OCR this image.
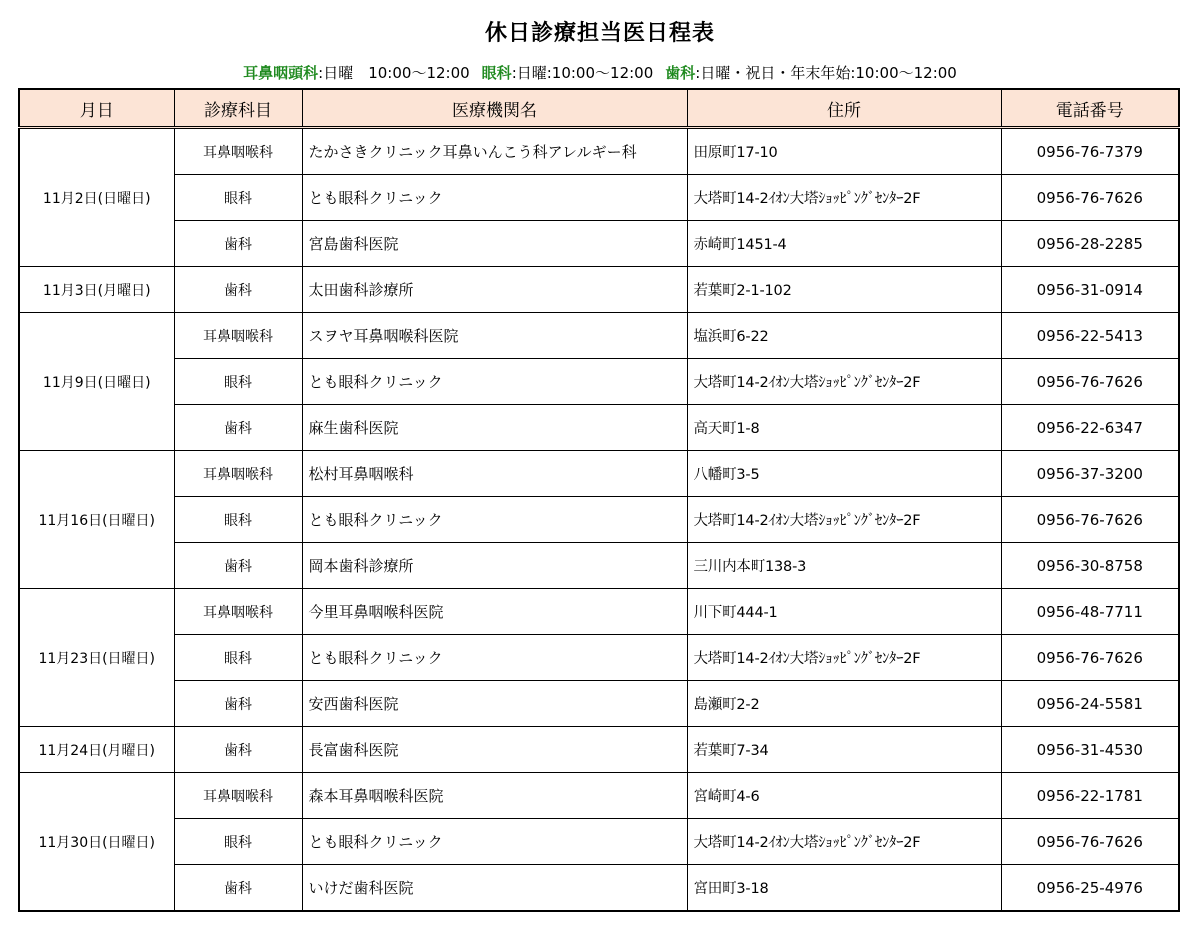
休日診療担当医日程表
耳鼻咽頭科:日曜　10:00～12:00 眼科:日曜:10:00～12:00 歯科:日曜・祝日・年末年始:10:00～12:00
月日	診療科目	医療機関名	住所	電話番号
11月2日(日曜日)	耳鼻咽喉科	たかさきクリニック耳鼻いんこう科アレルギー科	田原町17-10	0956-76-7379
	眼科	とも眼科クリニック	大塔町14-2ｲｵﾝ大塔ｼｮｯﾋﾟﾝｸﾞｾﾝﾀｰ2F	0956-76-7626
	歯科	宮島歯科医院	赤崎町1451-4	0956-28-2285
11月3日(月曜日)	歯科	太田歯科診療所	若葉町2-1-102	0956-31-0914
11月9日(日曜日)	耳鼻咽喉科	スヲヤ耳鼻咽喉科医院	塩浜町6-22	0956-22-5413
	眼科	とも眼科クリニック	大塔町14-2ｲｵﾝ大塔ｼｮｯﾋﾟﾝｸﾞｾﾝﾀｰ2F	0956-76-7626
	歯科	麻生歯科医院	高天町1-8	0956-22-6347
11月16日(日曜日)	耳鼻咽喉科	松村耳鼻咽喉科	八幡町3-5	0956-37-3200
	眼科	とも眼科クリニック	大塔町14-2ｲｵﾝ大塔ｼｮｯﾋﾟﾝｸﾞｾﾝﾀｰ2F	0956-76-7626
	歯科	岡本歯科診療所	三川内本町138-3	0956-30-8758
11月23日(日曜日)	耳鼻咽喉科	今里耳鼻咽喉科医院	川下町444-1	0956-48-7711
	眼科	とも眼科クリニック	大塔町14-2ｲｵﾝ大塔ｼｮｯﾋﾟﾝｸﾞｾﾝﾀｰ2F	0956-76-7626
	歯科	安西歯科医院	島瀬町2-2	0956-24-5581
11月24日(月曜日)	歯科	長富歯科医院	若葉町7-34	0956-31-4530
11月30日(日曜日)	耳鼻咽喉科	森本耳鼻咽喉科医院	宮崎町4-6	0956-22-1781
	眼科	とも眼科クリニック	大塔町14-2ｲｵﾝ大塔ｼｮｯﾋﾟﾝｸﾞｾﾝﾀｰ2F	0956-76-7626
	歯科	いけだ歯科医院	宮田町3-18	0956-25-4976
